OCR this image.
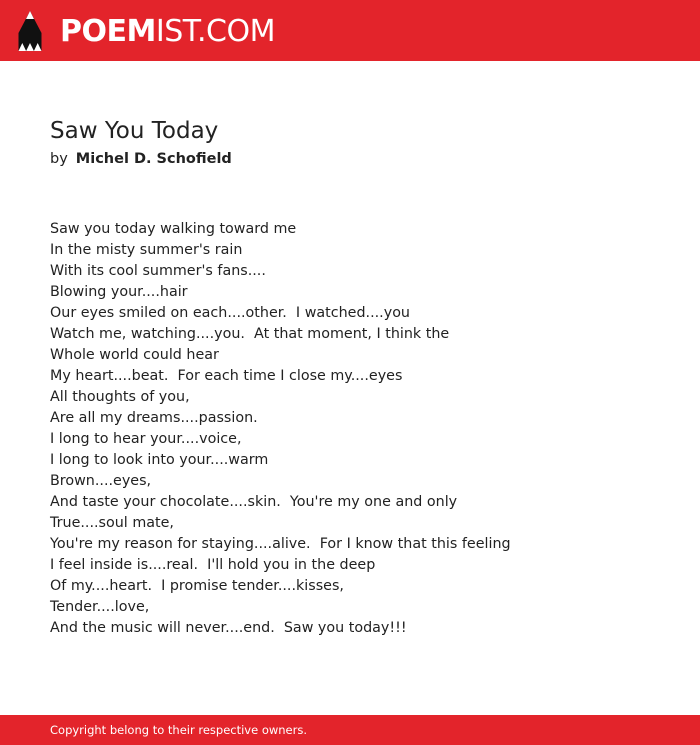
POEMIST.COM
Saw You Today
by Michel D. Schofield
Saw you today walking toward me
In the misty summer's rain
With its cool summer's fans....
Blowing your....hair
Our eyes smiled on each....other.  I watched....you
Watch me, watching....you.  At that moment, I think the
Whole world could hear
My heart....beat.  For each time I close my....eyes
All thoughts of you,
Are all my dreams....passion.
I long to hear your....voice,
I long to look into your....warm
Brown....eyes,
And taste your chocolate....skin.  You're my one and only
True....soul mate,
You're my reason for staying....alive.  For I know that this feeling
I feel inside is....real.  I'll hold you in the deep
Of my....heart.  I promise tender....kisses,
Tender....love,
And the music will never....end.  Saw you today!!!
Copyright belong to their respective owners.
